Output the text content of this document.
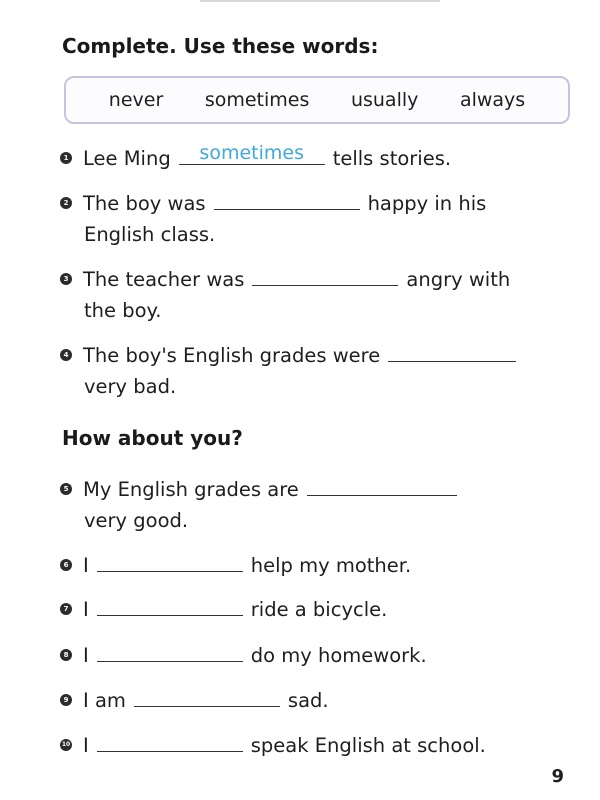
Complete. Use these words:
never sometimes usually always
1 Lee Ming	sometimes	tells stories.
2 The boy was	happy in his
English class.
3 The teacher was	angry with
the boy.
4 The boy's English grades were
very bad.
How about you?
5 My English grades are
very good.
6 I	help my mother.
7 I	ride a bicycle.
8 I	do my homework.
9 I am	sad.
10 I	speak English at school.
9
